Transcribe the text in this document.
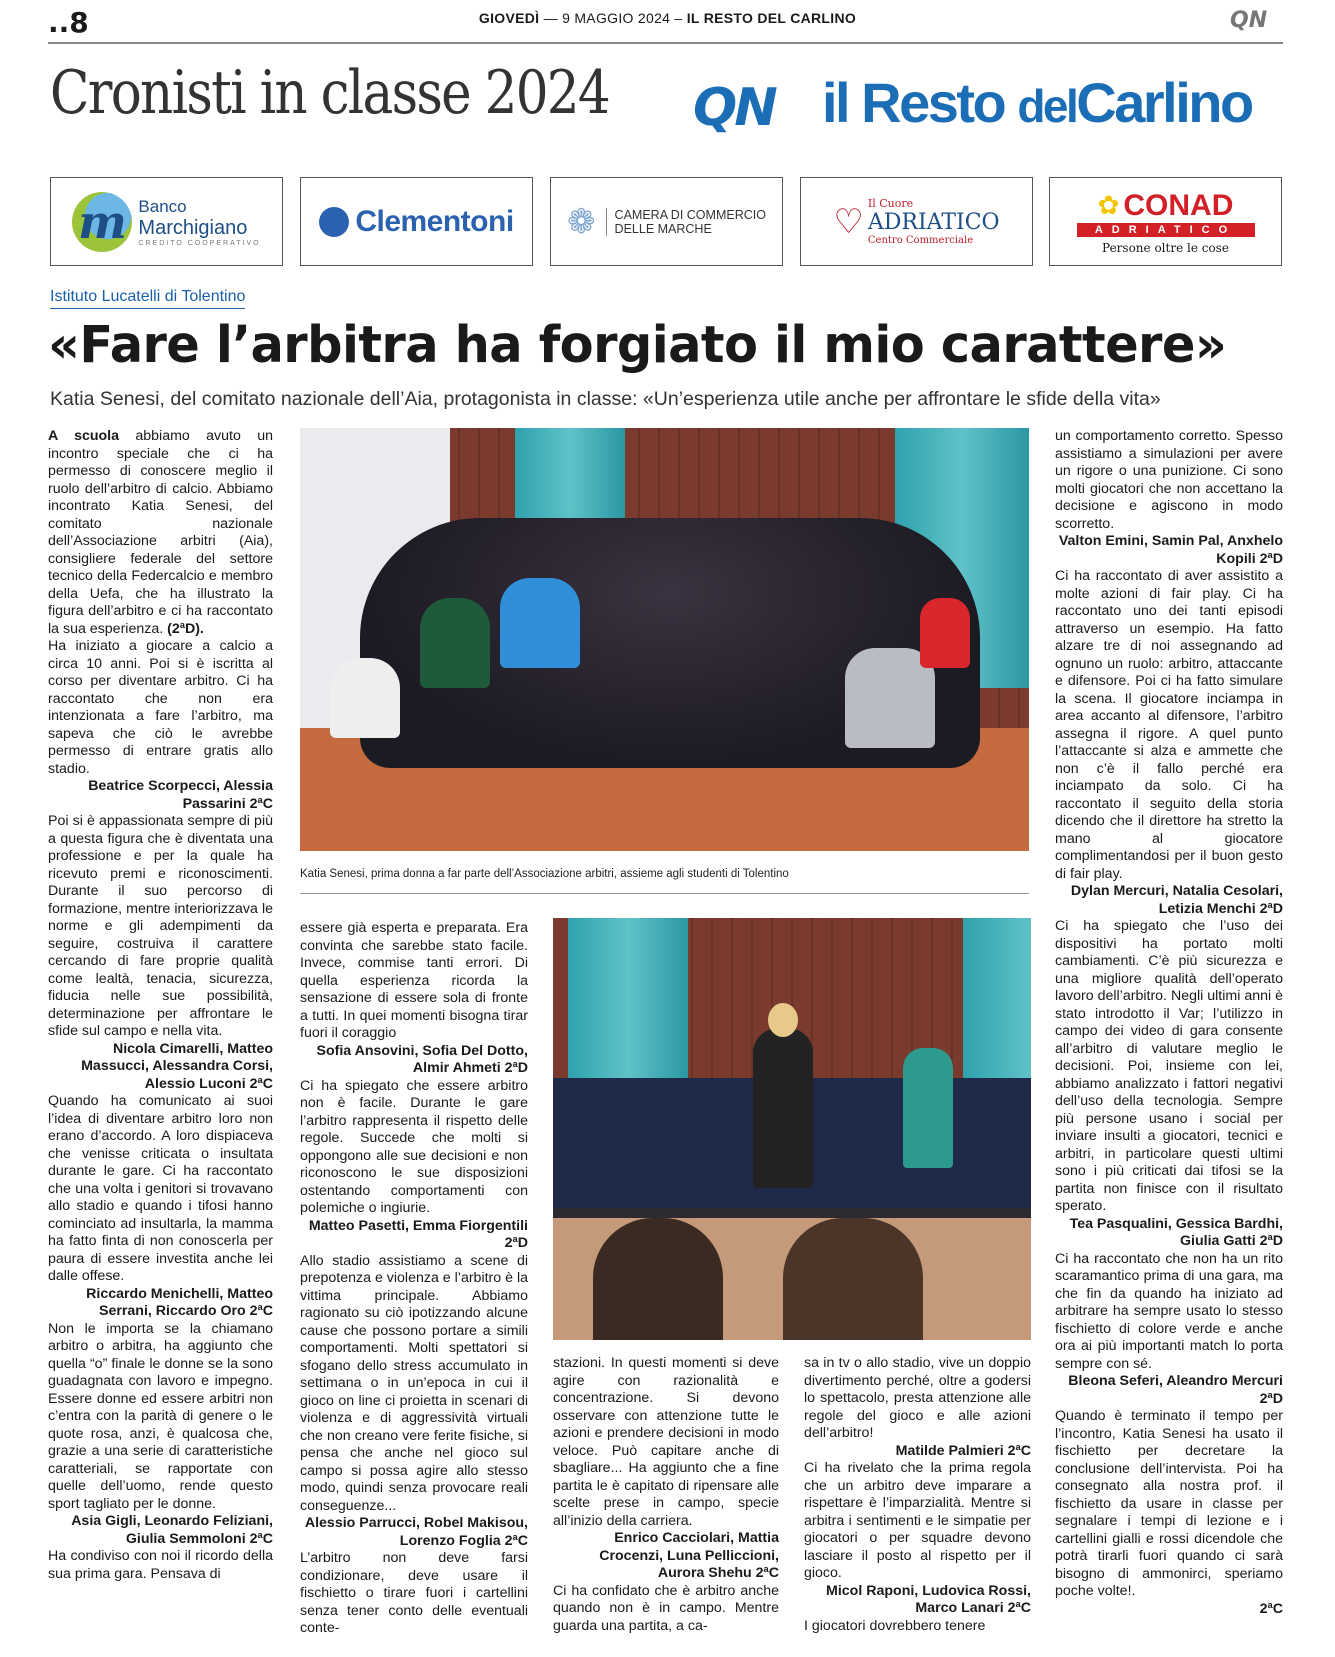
..8	GIOVEDÌ — 9 MAGGIO 2024 – IL RESTO DEL CARLINO	QN
Cronisti in classe 2024 QN il Resto delCarlino
m Banco
Marchigiano
CREDITO COOPERATIVO
Clementoni ❁ CAMERA DI COMMERCIO
DELLE MARCHE	♡ Il Cuore
ADRIATICO
Centro Commerciale
✿ CONAD
ADRIATICO
Persone oltre le cose
Istituto Lucatelli di Tolentino
«Fare l’arbitra ha forgiato il mio carattere»
Katia Senesi, del comitato nazionale dell’Aia, protagonista in classe: «Un’esperienza utile anche per affrontare le sfide della vita»
Katia Senesi, prima donna a far parte dell’Associazione arbitri, assieme agli studenti di Tolentino

A scuola abbiamo avuto un incontro speciale che ci ha permesso di conoscere meglio il ruolo dell’arbitro di calcio. Abbiamo incontrato Katia Senesi, del comitato nazionale dell’Associazione arbitri (Aia), consigliere federale del settore tecnico della Federcalcio e membro della Uefa, che ha illustrato la figura dell’arbitro e ci ha raccontato la sua esperienza. (2ªD).

Ha iniziato a giocare a calcio a circa 10 anni. Poi si è iscritta al corso per diventare arbitro. Ci ha raccontato che non era intenzionata a fare l’arbitro, ma sapeva che ciò le avrebbe permesso di entrare gratis allo stadio.

Beatrice Scorpecci, Alessia Passarini 2ªC

Poi si è appassionata sempre di più a questa figura che è diventata una professione e per la quale ha ricevuto premi e riconoscimenti. Durante il suo percorso di formazione, mentre interiorizzava le norme e gli adempimenti da seguire, costruiva il carattere cercando di fare proprie qualità come lealtà, tenacia, sicurezza, fiducia nelle sue possibilità, determinazione per affrontare le sfide sul campo e nella vita.

Nicola Cimarelli, Matteo Massucci, Alessandra Corsi, Alessio Luconi 2ªC

Quando ha comunicato ai suoi l’idea di diventare arbitro loro non erano d’accordo. A loro dispiaceva che venisse criticata o insultata durante le gare. Ci ha raccontato che una volta i genitori si trovavano allo stadio e quando i tifosi hanno cominciato ad insultarla, la mamma ha fatto finta di non conoscerla per paura di essere investita anche lei dalle offese.

Riccardo Menichelli, Matteo Serrani, Riccardo Oro 2ªC

Non le importa se la chiamano arbitro o arbitra, ha aggiunto che quella “o” finale le donne se la sono guadagnata con lavoro e impegno. Essere donne ed essere arbitri non c’entra con la parità di genere o le quote rosa, anzi, è qualcosa che, grazie a una serie di caratteristiche caratteriali, se rapportate con quelle dell’uomo, rende questo sport tagliato per le donne.

Asia Gigli, Leonardo Feliziani, Giulia Semmoloni 2ªC

Ha condiviso con noi il ricordo della sua prima gara. Pensava di

essere già esperta e preparata. Era convinta che sarebbe stato facile. Invece, commise tanti errori. Di quella esperienza ricorda la sensazione di essere sola di fronte a tutti. In quei momenti bisogna tirar fuori il coraggio

Sofia Ansovini, Sofia Del Dotto, Almir Ahmeti 2ªD

Ci ha spiegato che essere arbitro non è facile. Durante le gare l’arbitro rappresenta il rispetto delle regole. Succede che molti si oppongono alle sue decisioni e non riconoscono le sue disposizioni ostentando comportamenti con polemiche o ingiurie.

Matteo Pasetti, Emma Fiorgentili 2ªD

Allo stadio assistiamo a scene di prepotenza e violenza e l’arbitro è la vittima principale. Abbiamo ragionato su ciò ipotizzando alcune cause che possono portare a simili comportamenti. Molti spettatori si sfogano dello stress accumulato in settimana o in un’epoca in cui il gioco on line ci proietta in scenari di violenza e di aggressività virtuali che non creano vere ferite fisiche, si pensa che anche nel gioco sul campo si possa agire allo stesso modo, quindi senza provocare reali conseguenze...

Alessio Parrucci, Robel Makisou, Lorenzo Foglia 2ªC

L’arbitro non deve farsi condizionare, deve usare il fischietto o tirare fuori i cartellini senza tener conto delle eventuali conte-

stazioni. In questi momenti si deve agire con razionalità e concentrazione. Si devono osservare con attenzione tutte le azioni e prendere decisioni in modo veloce. Può capitare anche di sbagliare... Ha aggiunto che a fine partita le è capitato di ripensare alle scelte prese in campo, specie all’inizio della carriera.

Enrico Cacciolari, Mattia Crocenzi, Luna Pelliccioni, Aurora Shehu 2ªC

Ci ha confidato che è arbitro anche quando non è in campo. Mentre guarda una partita, a ca-

sa in tv o allo stadio, vive un doppio divertimento perché, oltre a godersi lo spettacolo, presta attenzione alle regole del gioco e alle azioni dell’arbitro!

Matilde Palmieri 2ªC

Ci ha rivelato che la prima regola che un arbitro deve imparare a rispettare è l’imparzialità. Mentre si arbitra i sentimenti e le simpatie per giocatori o per squadre devono lasciare il posto al rispetto per il gioco.

Micol Raponi, Ludovica Rossi, Marco Lanari 2ªC

I giocatori dovrebbero tenere

un comportamento corretto. Spesso assistiamo a simulazioni per avere un rigore o una punizione. Ci sono molti giocatori che non accettano la decisione e agiscono in modo scorretto.

Valton Emini, Samin Pal, Anxhelo Kopili 2ªD

Ci ha raccontato di aver assistito a molte azioni di fair play. Ci ha raccontato uno dei tanti episodi attraverso un esempio. Ha fatto alzare tre di noi assegnando ad ognuno un ruolo: arbitro, attaccante e difensore. Poi ci ha fatto simulare la scena. Il giocatore inciampa in area accanto al difensore, l’arbitro assegna il rigore. A quel punto l’attaccante si alza e ammette che non c’è il fallo perché era inciampato da solo. Ci ha raccontato il seguito della storia dicendo che il direttore ha stretto la mano al giocatore complimentandosi per il buon gesto di fair play.

Dylan Mercuri, Natalia Cesolari, Letizia Menchi 2ªD

Ci ha spiegato che l’uso dei dispositivi ha portato molti cambiamenti. C’è più sicurezza e una migliore qualità dell’operato lavoro dell’arbitro. Negli ultimi anni è stato introdotto il Var; l’utilizzo in campo dei video di gara consente all’arbitro di valutare meglio le decisioni. Poi, insieme con lei, abbiamo analizzato i fattori negativi dell’uso della tecnologia. Sempre più persone usano i social per inviare insulti a giocatori, tecnici e arbitri, in particolare questi ultimi sono i più criticati dai tifosi se la partita non finisce con il risultato sperato.

Tea Pasqualini, Gessica Bardhi, Giulia Gatti 2ªD

Ci ha raccontato che non ha un rito scaramantico prima di una gara, ma che fin da quando ha iniziato ad arbitrare ha sempre usato lo stesso fischietto di colore verde e anche ora ai più importanti match lo porta sempre con sé.

Bleona Seferi, Aleandro Mercuri 2ªD

Quando è terminato il tempo per l’incontro, Katia Senesi ha usato il fischietto per decretare la conclusione dell’intervista. Poi ha consegnato alla nostra prof. il fischietto da usare in classe per segnalare i tempi di lezione e i cartellini gialli e rossi dicendole che potrà tirarli fuori quando ci sarà bisogno di ammonirci, speriamo poche volte!.

2ªC
